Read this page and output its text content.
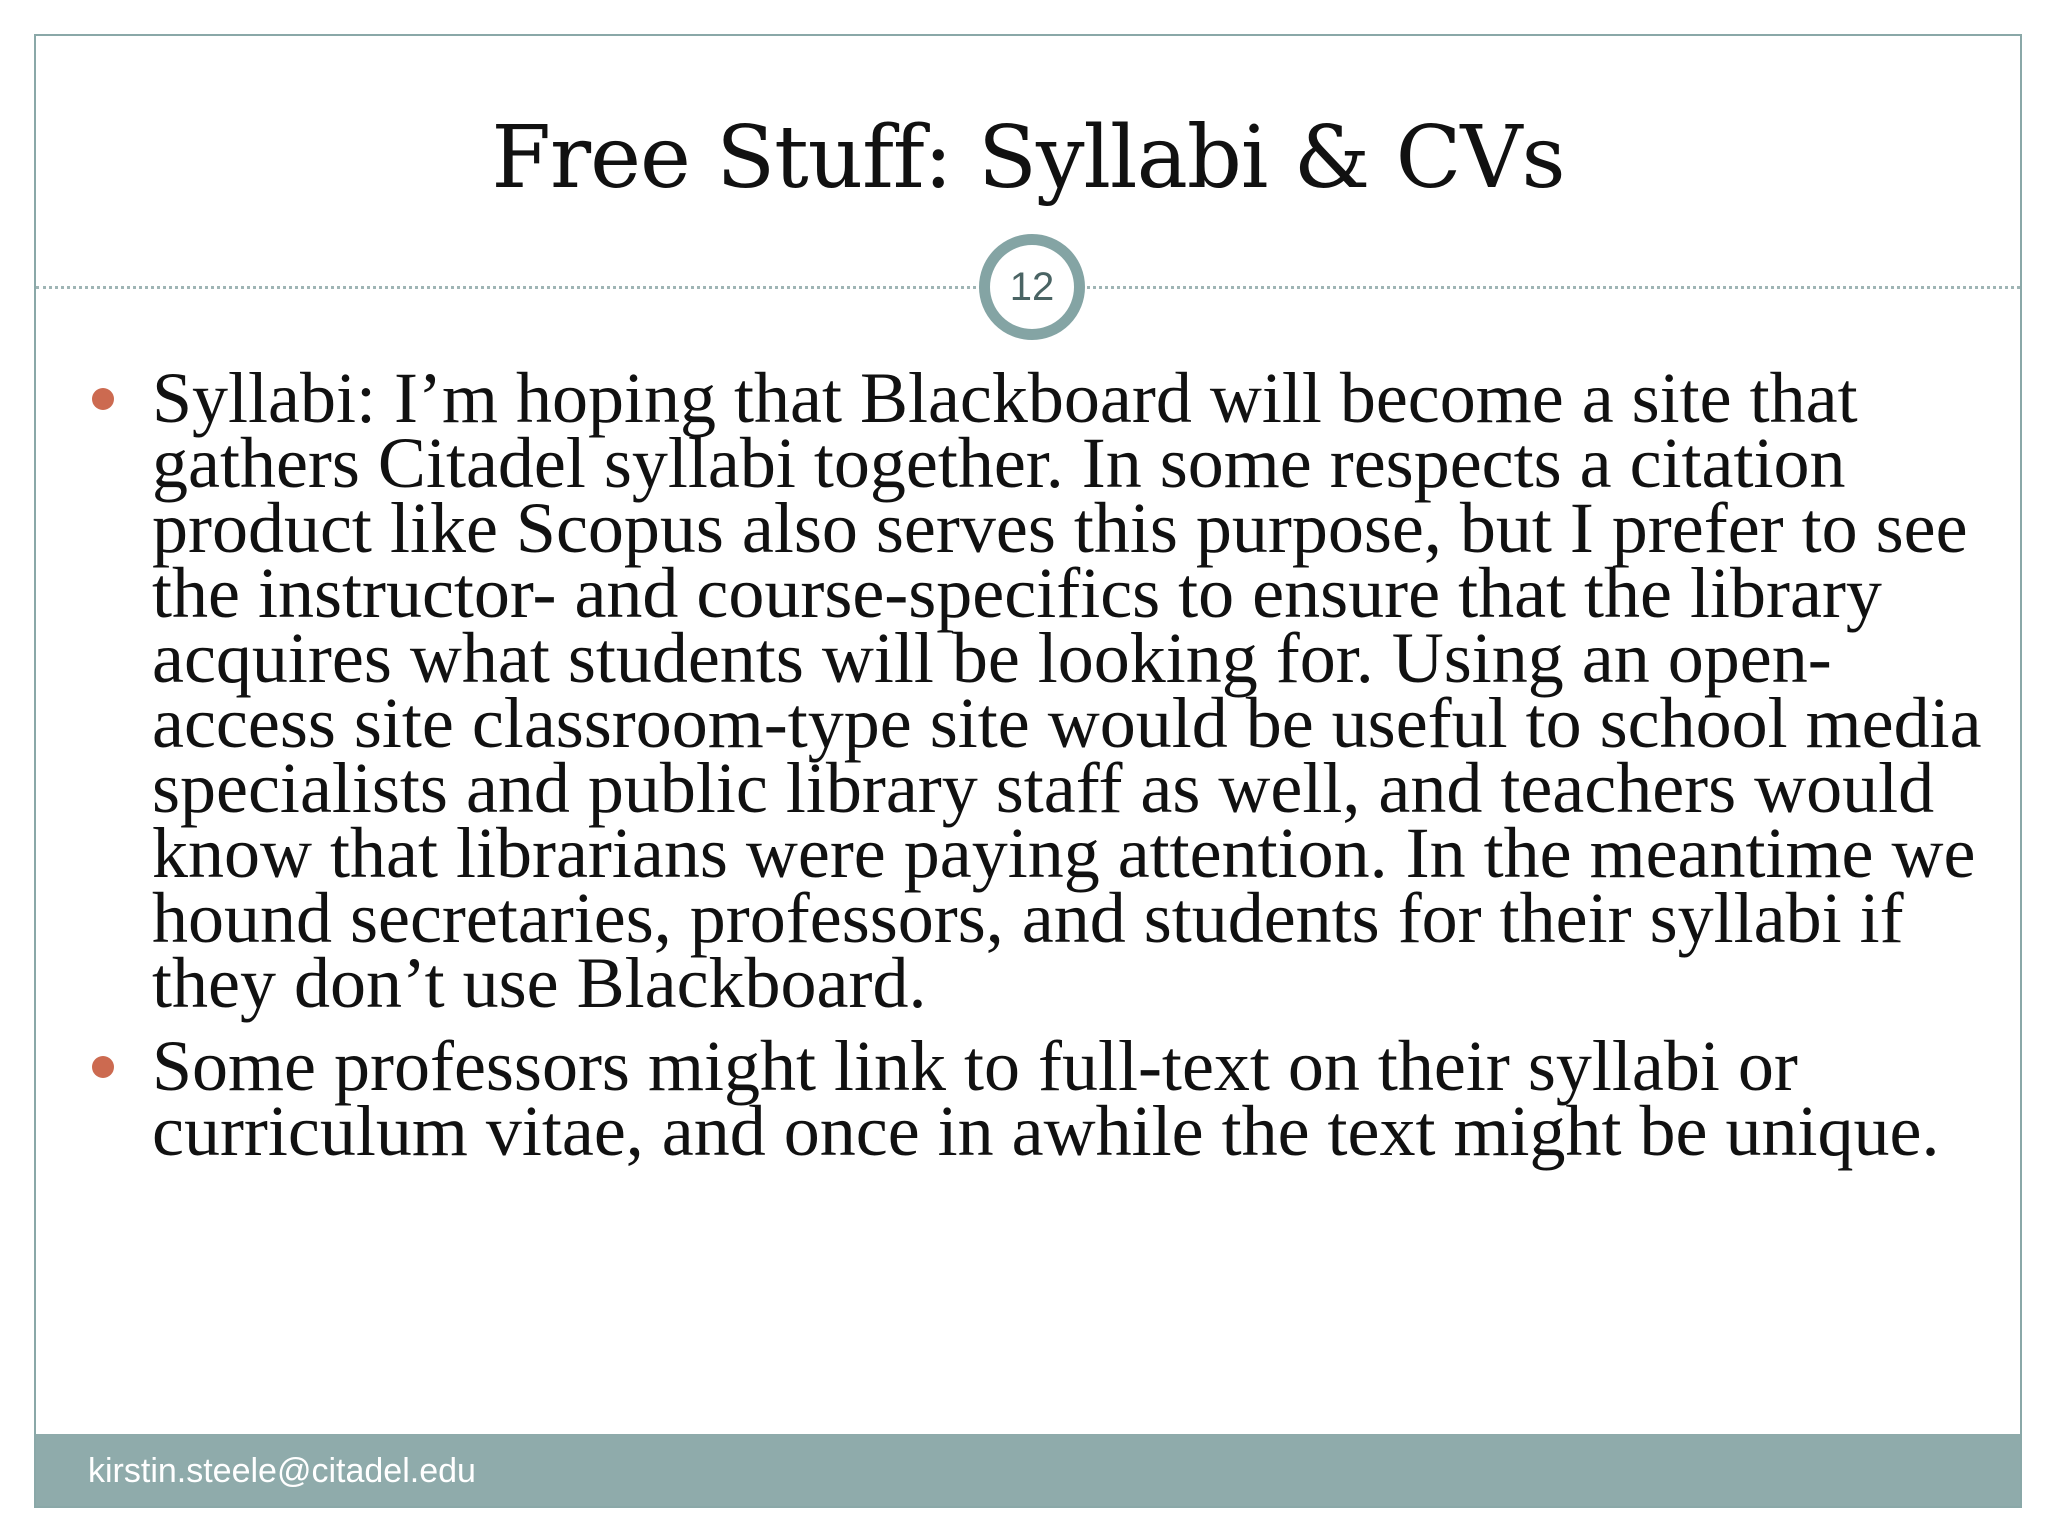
Free Stuff: Syllabi & CVs
12
Syllabi: I’m hoping that Blackboard will become a site that gathers Citadel syllabi together. In some respects a citation product like Scopus also serves this purpose, but I prefer to see the instructor- and course-specifics to ensure that the library acquires what students will be looking for. Using an open-access site classroom-type site would be useful to school media specialists and public library staff as well, and teachers would know that librarians were paying attention. In the meantime we hound secretaries, professors, and students for their syllabi if they don’t use Blackboard.
Some professors might link to full-text on their syllabi or curriculum vitae, and once in awhile the text might be unique.
kirstin.steele@citadel.edu
